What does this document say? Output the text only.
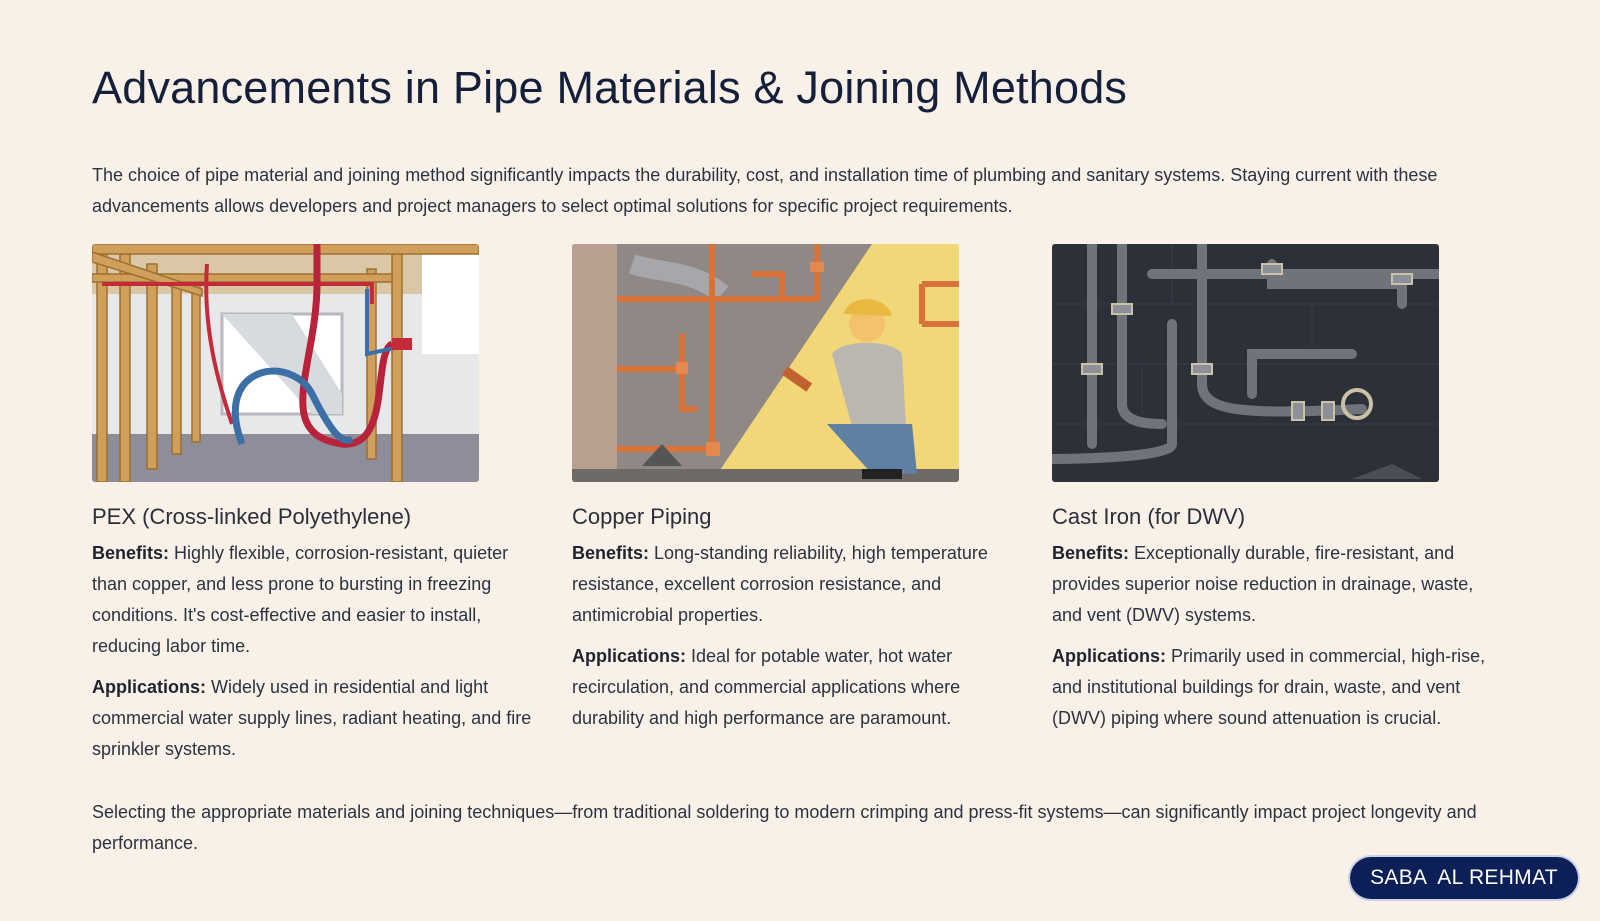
Advancements in Pipe Materials & Joining Methods

The choice of pipe material and joining method significantly impacts the durability, cost, and installation time of plumbing and sanitary systems. Staying current with these advancements allows developers and project managers to select optimal solutions for specific project requirements.

PEX (Cross-linked Polyethylene)

Benefits: Highly flexible, corrosion-resistant, quieter than copper, and less prone to bursting in freezing conditions. It's cost-effective and easier to install, reducing labor time.

Applications: Widely used in residential and light commercial water supply lines, radiant heating, and fire sprinkler systems.

Copper Piping

Benefits: Long-standing reliability, high temperature resistance, excellent corrosion resistance, and antimicrobial properties.

Applications: Ideal for potable water, hot water recirculation, and commercial applications where durability and high performance are paramount.

Cast Iron (for DWV)

Benefits: Exceptionally durable, fire-resistant, and provides superior noise reduction in drainage, waste, and vent (DWV) systems.

Applications: Primarily used in commercial, high-rise, and institutional buildings for drain, waste, and vent (DWV) piping where sound attenuation is crucial.

Selecting the appropriate materials and joining techniques—from traditional soldering to modern crimping and press-fit systems—can significantly impact project longevity and performance.

SABA  AL REHMAT
